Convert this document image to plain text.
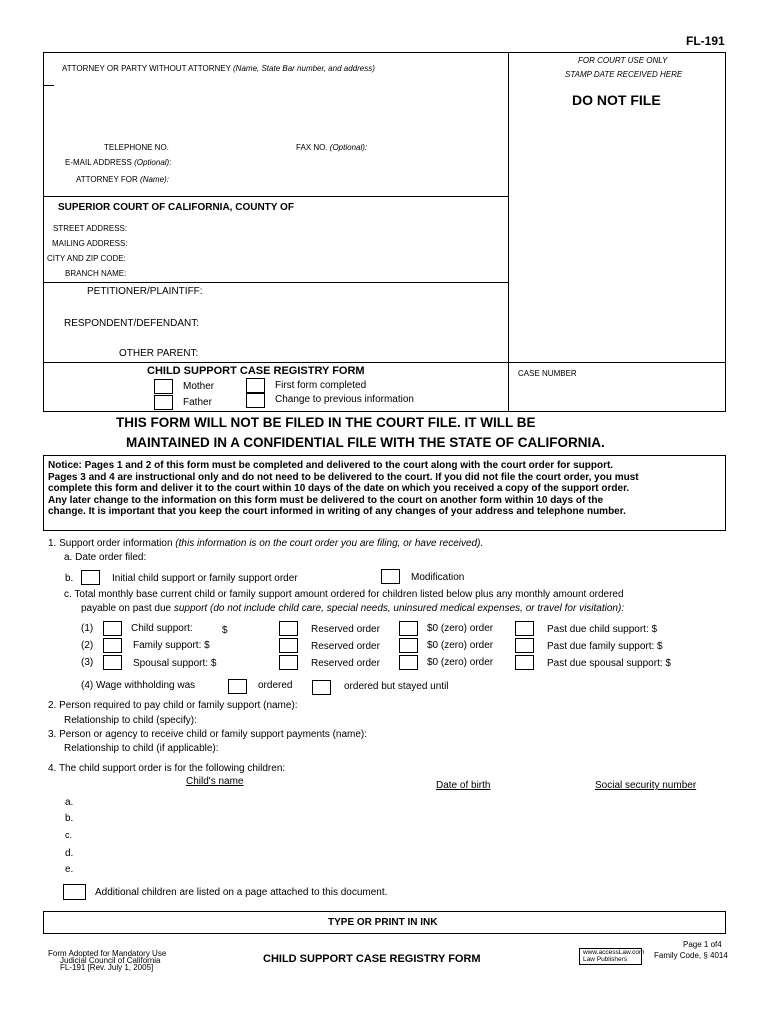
FL-191
ATTORNEY OR PARTY WITHOUT ATTORNEY (Name, State Bar number, and address)
TELEPHONE NO.	FAX NO. (Optional):
E-MAIL ADDRESS (Optional):
ATTORNEY FOR (Name):
FOR COURT USE ONLY
STAMP DATE RECEIVED HERE
DO NOT FILE
SUPERIOR COURT OF CALIFORNIA, COUNTY OF
STREET ADDRESS:
MAILING ADDRESS:
CITY AND ZIP CODE:
BRANCH NAME:
PETITIONER/PLAINTIFF:
RESPONDENT/DEFENDANT:
OTHER PARENT:
CHILD SUPPORT CASE REGISTRY FORM
Mother
Father
First form completed
Change to previous information
CASE NUMBER
THIS FORM WILL NOT BE FILED IN THE COURT FILE. IT WILL BE
MAINTAINED IN A CONFIDENTIAL FILE WITH THE STATE OF CALIFORNIA.
Notice: Pages 1 and 2 of this form must be completed and delivered to the court along with the court order for support.
Pages 3 and 4 are instructional only and do not need to be delivered to the court. If you did not file the court order, you must
complete this form and deliver it to the court within 10 days of the date on which you received a copy of the support order.
Any later change to the information on this form must be delivered to the court on another form within 10 days of the
change. It is important that you keep the court informed in writing of any changes of your address and telephone number.
1. Support order information (this information is on the court order you are filing, or have received).
a. Date order filed:
b.	Initial child support or family support order	Modification
c. Total monthly base current child or family support amount ordered for children listed below plus any monthly amount ordered
payable on past due support (do not include child care, special needs, uninsured medical expenses, or travel for visitation):
(1)	Child support:	$	Reserved order	$0 (zero) order	Past due child support: $
(2)	Family support: $	Reserved order	$0 (zero) order	Past due family support: $
(3)	Spousal support: $	Reserved order	$0 (zero) order	Past due spousal support: $
(4) Wage withholding was	ordered	ordered but stayed until
2. Person required to pay child or family support (name):
Relationship to child (specify):
3. Person or agency to receive child or family support payments (name):
Relationship to child (if applicable):
4. The child support order is for the following children:
Child's name	Date of birth	Social security number
a.
b.
c.
d.
e.
Additional children are listed on a page attached to this document.
TYPE OR PRINT IN INK
Page 1 of4
Form Adopted for Mandatory Use
Judicial Council of California
FL-191 [Rev. July 1, 2005]
CHILD SUPPORT CASE REGISTRY FORM
www.accessLaw.com
Law Publishers	Family Code, § 4014
